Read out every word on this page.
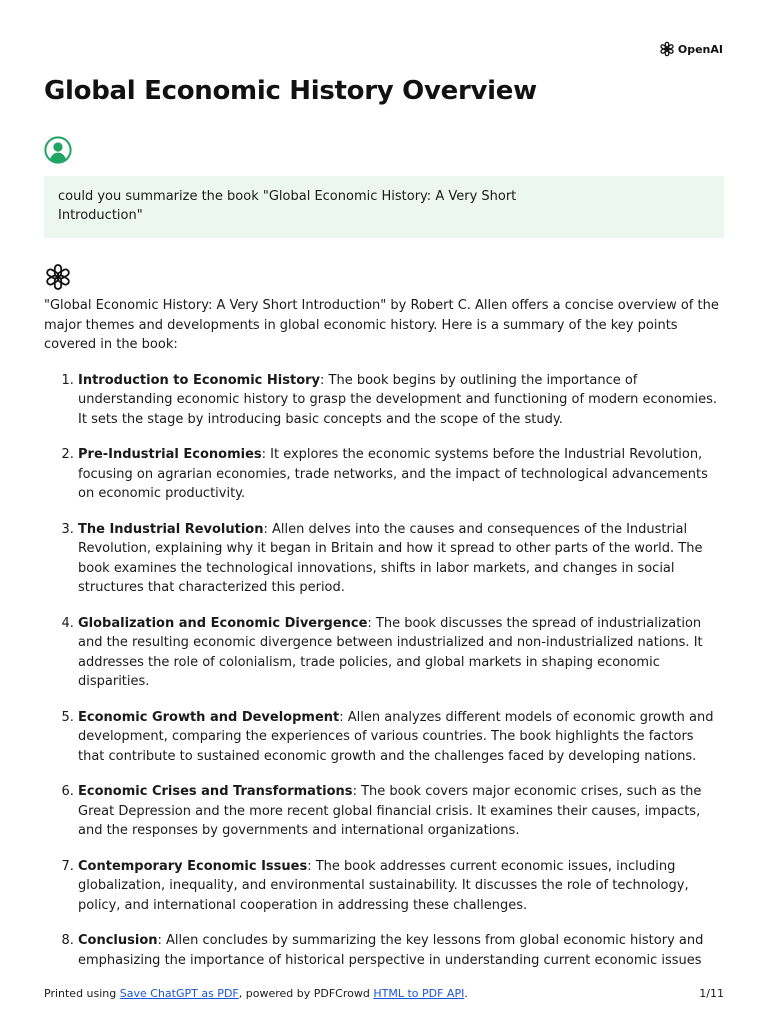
OpenAI
Global Economic History Overview

could you summarize the book "Global Economic History: A Very Short Introduction"

"Global Economic History: A Very Short Introduction" by Robert C. Allen offers a concise overview of the major themes and developments in global economic history. Here is a summary of the key points covered in the book:

1. Introduction to Economic History: The book begins by outlining the importance of understanding economic history to grasp the development and functioning of modern economies. It sets the stage by introducing basic concepts and the scope of the study.
2. Pre-Industrial Economies: It explores the economic systems before the Industrial Revolution, focusing on agrarian economies, trade networks, and the impact of technological advancements on economic productivity.
3. The Industrial Revolution: Allen delves into the causes and consequences of the Industrial Revolution, explaining why it began in Britain and how it spread to other parts of the world. The book examines the technological innovations, shifts in labor markets, and changes in social structures that characterized this period.
4. Globalization and Economic Divergence: The book discusses the spread of industrialization and the resulting economic divergence between industrialized and non-industrialized nations. It addresses the role of colonialism, trade policies, and global markets in shaping economic disparities.
5. Economic Growth and Development: Allen analyzes different models of economic growth and development, comparing the experiences of various countries. The book highlights the factors that contribute to sustained economic growth and the challenges faced by developing nations.
6. Economic Crises and Transformations: The book covers major economic crises, such as the Great Depression and the more recent global financial crisis. It examines their causes, impacts, and the responses by governments and international organizations.
7. Contemporary Economic Issues: The book addresses current economic issues, including globalization, inequality, and environmental sustainability. It discusses the role of technology, policy, and international cooperation in addressing these challenges.
8. Conclusion: Allen concludes by summarizing the key lessons from global economic history and emphasizing the importance of historical perspective in understanding current economic issues
Printed using Save ChatGPT as PDF, powered by PDFCrowd HTML to PDF API.	1/11
